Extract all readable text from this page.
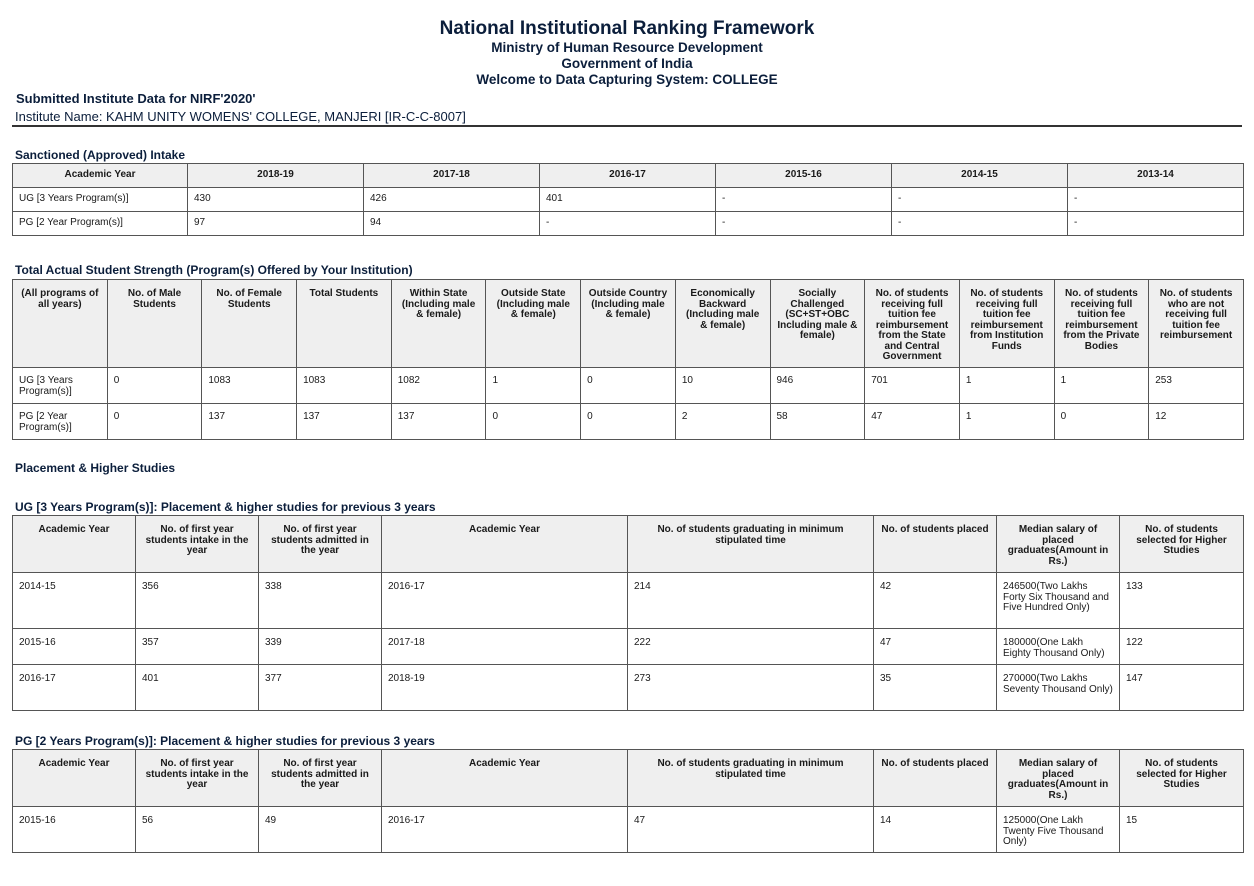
National Institutional Ranking Framework
Ministry of Human Resource Development
Government of India
Welcome to Data Capturing System: COLLEGE
Submitted Institute Data for NIRF'2020'
Institute Name: KAHM UNITY WOMENS' COLLEGE, MANJERI [IR-C-C-8007]
Sanctioned (Approved) Intake
Academic Year	2018-19	2017-18	2016-17	2015-16	2014-15	2013-14
UG [3 Years Program(s)]	430	426	401	-	-	-
PG [2 Year Program(s)]	97	94	-	-	-	-
Total Actual Student Strength (Program(s) Offered by Your Institution)
(All programs of all years)	No. of Male Students	No. of Female Students	Total Students	Within State (Including male & female)	Outside State (Including male & female)	Outside Country (Including male & female)	Economically Backward (Including male & female)	Socially Challenged (SC+ST+OBC Including male & female)	No. of students receiving full tuition fee reimbursement from the State and Central Government	No. of students receiving full tuition fee reimbursement from Institution Funds	No. of students receiving full tuition fee reimbursement from the Private Bodies	No. of students who are not receiving full tuition fee reimbursement
UG [3 Years Program(s)]	0	1083	1083	1082	1	0	10	946	701	1	1	253
PG [2 Year Program(s)]	0	137	137	137	0	0	2	58	47	1	0	12
Placement & Higher Studies
UG [3 Years Program(s)]: Placement & higher studies for previous 3 years
Academic Year	No. of first year students intake in the year	No. of first year students admitted in the year	Academic Year	No. of students graduating in minimum stipulated time	No. of students placed	Median salary of placed graduates(Amount in Rs.)	No. of students selected for Higher Studies
2014-15	356	338	2016-17	214	42	246500(Two Lakhs Forty Six Thousand and Five Hundred Only)	133
2015-16	357	339	2017-18	222	47	180000(One Lakh Eighty Thousand Only)	122
2016-17	401	377	2018-19	273	35	270000(Two Lakhs Seventy Thousand Only)	147
PG [2 Years Program(s)]: Placement & higher studies for previous 3 years
Academic Year	No. of first year students intake in the year	No. of first year students admitted in the year	Academic Year	No. of students graduating in minimum stipulated time	No. of students placed	Median salary of placed graduates(Amount in Rs.)	No. of students selected for Higher Studies
2015-16	56	49	2016-17	47	14	125000(One Lakh Twenty Five Thousand Only)	15
